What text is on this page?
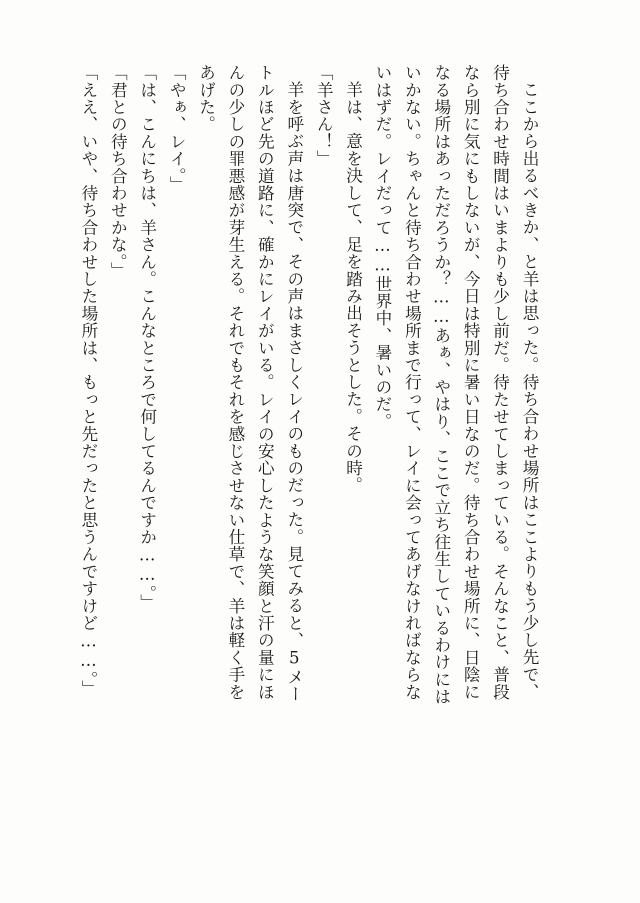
ここから出るべきか、と羊は思った。待ち合わせ場所はここよりもう少し先で、待ち合わせ時間はいまよりも少し前だ。待たせてしまっている。そんなこと、普段なら別に気にもしないが、今日は特別に暑い日なのだ。待ち合わせ場所に、日陰になる場所はあっただろうか？……あぁ、やはり、ここで立ち往生しているわけにはいかない。ちゃんと待ち合わせ場所まで行って、レイに会ってあげなければならないはずだ。レイだって……世界中、暑いのだ。

羊は、意を決して、足を踏み出そうとした。その時。

「羊さん！」

羊を呼ぶ声は唐突で、その声はまさしくレイのものだった。見てみると、5メートルほど先の道路に、確かにレイがいる。レイの安心したような笑顔と汗の量にほんの少しの罪悪感が芽生える。それでもそれを感じさせない仕草で、羊は軽く手をあげた。

「やぁ、レイ。」

「は、こんにちは、羊さん。こんなところで何してるんですか……。」

「君との待ち合わせかな。」

「ええ、いや、待ち合わせした場所は、もっと先だったと思うんですけど……。」
